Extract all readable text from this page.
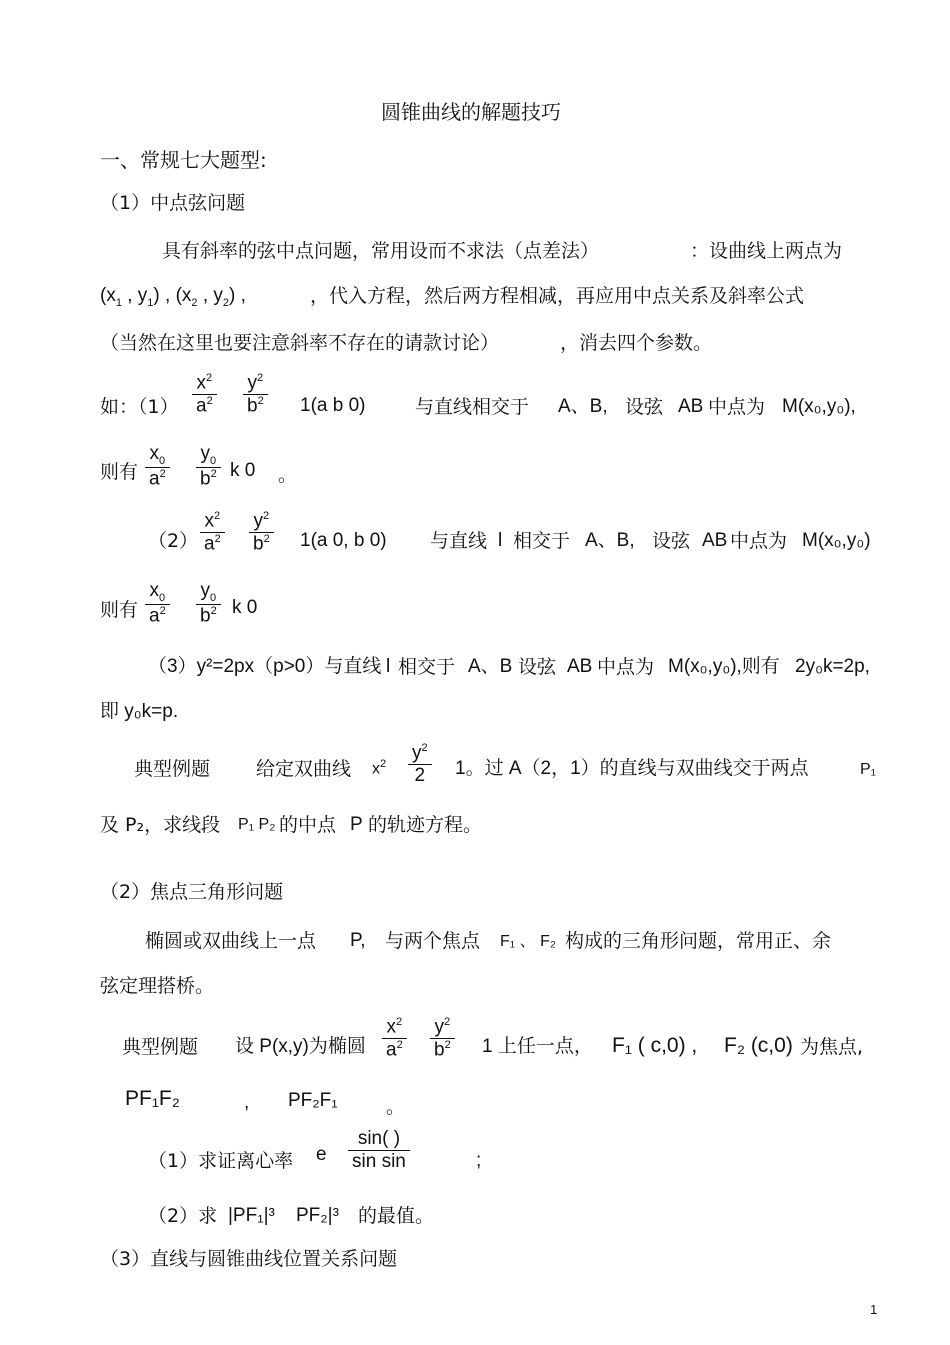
圆锥曲线的解题技巧
一、常规七大题型:
（1）中点弦问题
具有斜率的弦中点问题，常用设而不求法（点差法）	：设曲线上两点为
($x_1$ , $y_1$) , ($x_2$ , $y_2$) ,	，代入方程，然后两方程相减，再应用中点关系及斜率公式
（当然在这里也要注意斜率不存在的请款讨论）	，消去四个参数。
如：$(1) \frac{x^2}{a^2} \frac{y^2}{b^2} 1(a$ b 0)	与直线相交于 A、B, 设弦 AB 中点为 M(x₀,y₀),
则有 $\frac{x_0}{a^2} \frac{y_0}{b^2}$ k 0 。
$(2) \frac{x^2}{a^2} \frac{y^2}{b^2} 1(a$ 0, b 0) 与直线 l 相交于 A、B, 设弦 AB 中点为 M(x₀,y₀)
则有 $\frac{x_0}{a^2} \frac{y_0}{b^2}$ k 0
（3）y²=2px（p>0）与直线 l 相交于 A、B 设弦 AB 中点为 M(x₀,y₀),则有 2y₀k=2p,
即 y₀k=p.
典型例题 给定双曲线 $x^2 \frac{y^2}{2} 1$。过 A（2，1）的直线与双曲线交于两点	P₁
及 P₂，求线段 P₁ P₂ 的中点 P 的轨迹方程。
（2）焦点三角形问题
椭圆或双曲线上一点 P, 与两个焦点 F₁ 、 F₂ 构成的三角形问题，常用正、余
弦定理搭桥。
典型例题 设 P(x,y)为椭圆 $\frac{x^2}{a^2} \frac{y^2}{b^2} 1$ 上任一点， F₁ ( c,0) , F₂ (c,0) 为焦点,
PF₁F₂	, PF₂F₁	。
（1）求证离心率 e $\frac{\sin( )}{\text{sin sin}}$	;
（2）求 |PF₁|³ PF₂|³ 的最值。
（3）直线与圆锥曲线位置关系问题
1
